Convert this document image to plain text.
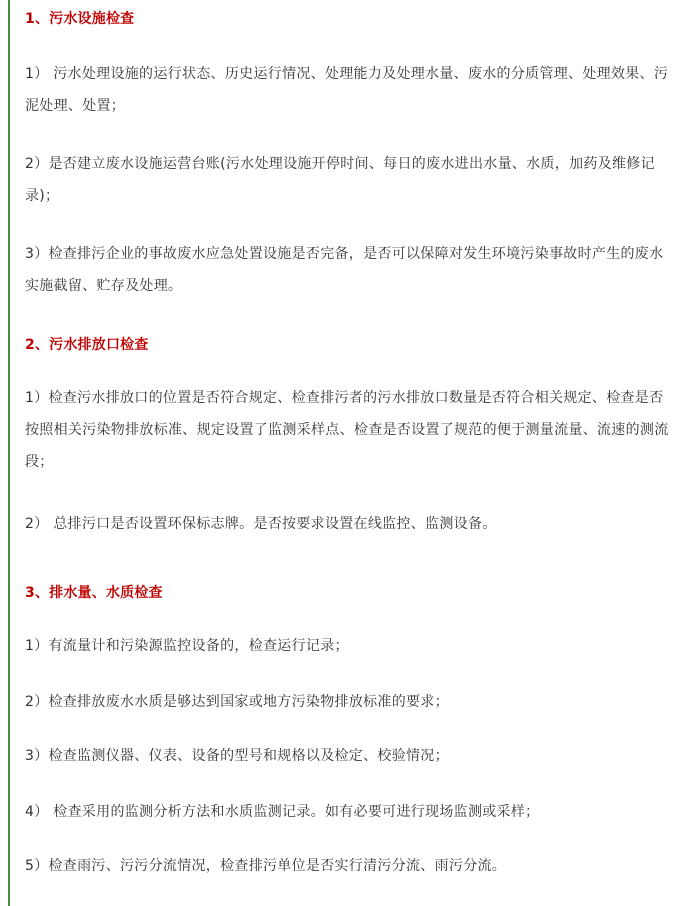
1、污水设施检查
1） 污水处理设施的运行状态、历史运行情况、处理能力及处理水量、废水的分质管理、处理效果、污泥处理、处置；
2）是否建立废水设施运营台账(污水处理设施开停时间、每日的废水进出水量、水质，加药及维修记录)；
3）检查排污企业的事故废水应急处置设施是否完备，是否可以保障对发生环境污染事故时产生的废水实施截留、贮存及处理。
2、污水排放口检查
1）检查污水排放口的位置是否符合规定、检查排污者的污水排放口数量是否符合相关规定、检查是否按照相关污染物排放标准、规定设置了监测采样点、检查是否设置了规范的便于测量流量、流速的测流段；
2） 总排污口是否设置环保标志牌。是否按要求设置在线监控、监测设备。
3、排水量、水质检查
1）有流量计和污染源监控设备的，检查运行记录；
2）检查排放废水水质是够达到国家或地方污染物排放标准的要求；
3）检查监测仪器、仪表、设备的型号和规格以及检定、校验情况；
4） 检查采用的监测分析方法和水质监测记录。如有必要可进行现场监测或采样；
5）检查雨污、污污分流情况，检查排污单位是否实行清污分流、雨污分流。
